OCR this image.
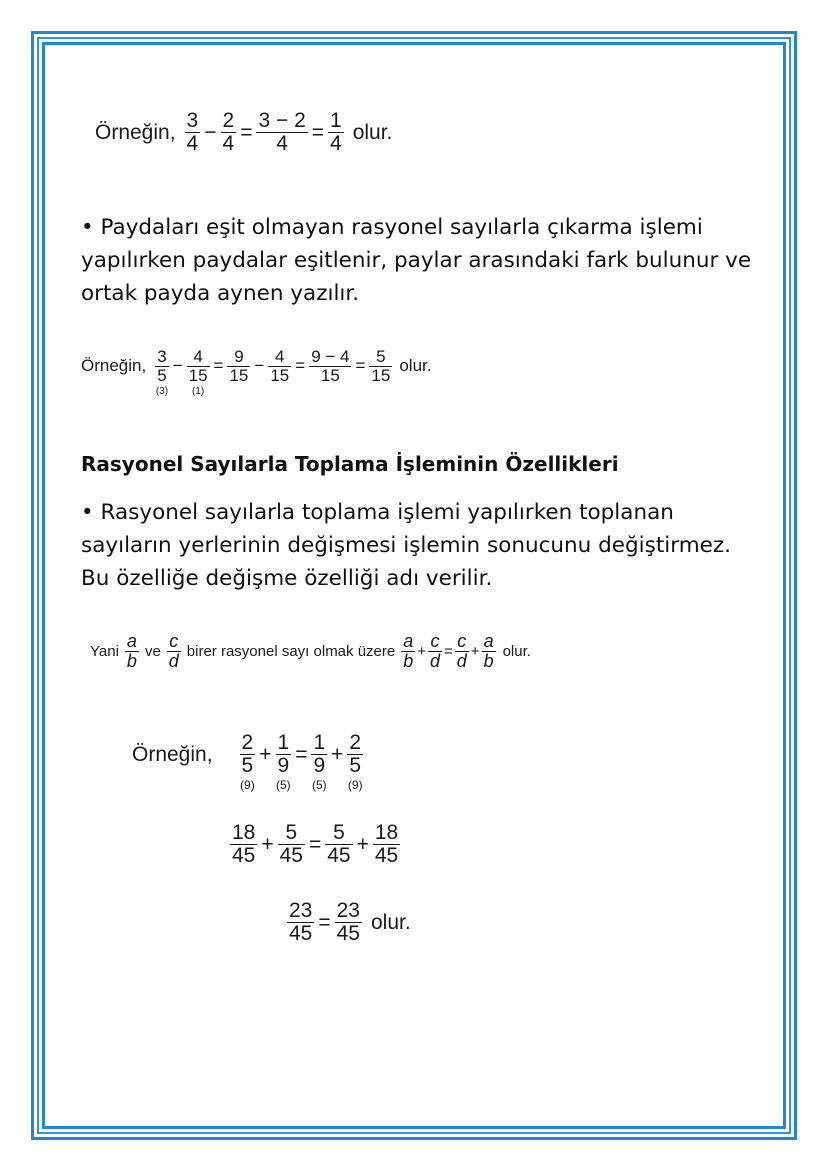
Örneğin, $\frac{3}{4} - \frac{2}{4} = \frac{3 - 2}{4} = \frac{1}{4}$ olur.

• Paydaları eşit olmayan rasyonel sayılarla çıkarma işlemi yapılırken paydalar eşitlenir, paylar arasındaki fark bulunur ve ortak payda aynen yazılır.

Örneğin, 3
5
(3)
− 4
15
(1)
= $\frac{9}{15} - \frac{4}{15} = \frac{9 - 4}{15} = \frac{5}{15}$ olur.

Rasyonel Sayılarla Toplama İşleminin Özellikleri

• Rasyonel sayılarla toplama işlemi yapılırken toplanan sayıların yerlerinin değişmesi işlemin sonucunu değiştirmez. Bu özelliğe değişme özelliği adı verilir.

Yani $\frac{a}{b}$ ve $\frac{c}{d}$ birer rasyonel sayı olmak üzere $\frac{a}{b} + \frac{c}{d} = \frac{c}{d} + \frac{a}{b}$ olur.
Örneğin,
2
5
(9)
+
1
9
(5)
=
1
9
(5)
+
2
5
(9)
$\frac{18}{45} + \frac{5}{45} = \frac{5}{45} + \frac{18}{45}$
$\frac{23}{45} = \frac{23}{45}$ olur.
